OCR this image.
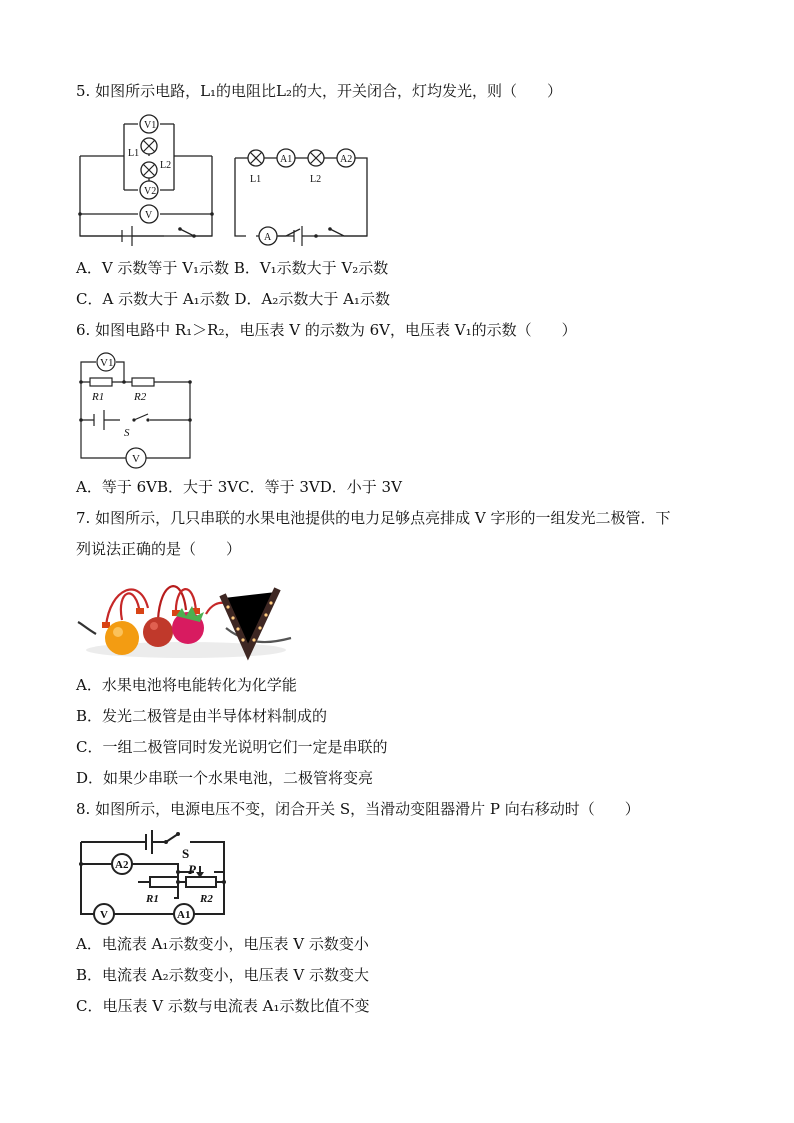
5. 如图所示电路，L₁的电阻比L₂的大，开关闭合，灯均发光，则（　　）
V1
V2
V
L1
L2
A1	A2
A
L1	L2
A．V 示数等于 V₁示数 B．V₁示数大于 V₂示数
C．A 示数大于 A₁示数 D．A₂示数大于 A₁示数
6. 如图电路中 R₁＞R₂，电压表 V 的示数为 6V，电压表 V₁的示数（　　）
V1
V
R1	R2
S
A．等于 6VB．大于 3VC．等于 3VD．小于 3V
7. 如图所示，几只串联的水果电池提供的电力足够点亮排成 V 字形的一组发光二极管．下
列说法正确的是（　　）
A．水果电池将电能转化为化学能
B．发光二极管是由半导体材料制成的
C．一组二极管同时发光说明它们一定是串联的
D．如果少串联一个水果电池，二极管将变亮
8. 如图所示，电源电压不变，闭合开关 S，当滑动变阻器滑片 P 向右移动时（　　）
A2
V	A1
S
P
R1	R2
A．电流表 A₁示数变小，电压表 V 示数变小
B．电流表 A₂示数变小，电压表 V 示数变大
C．电压表 V 示数与电流表 A₁示数比值不变
